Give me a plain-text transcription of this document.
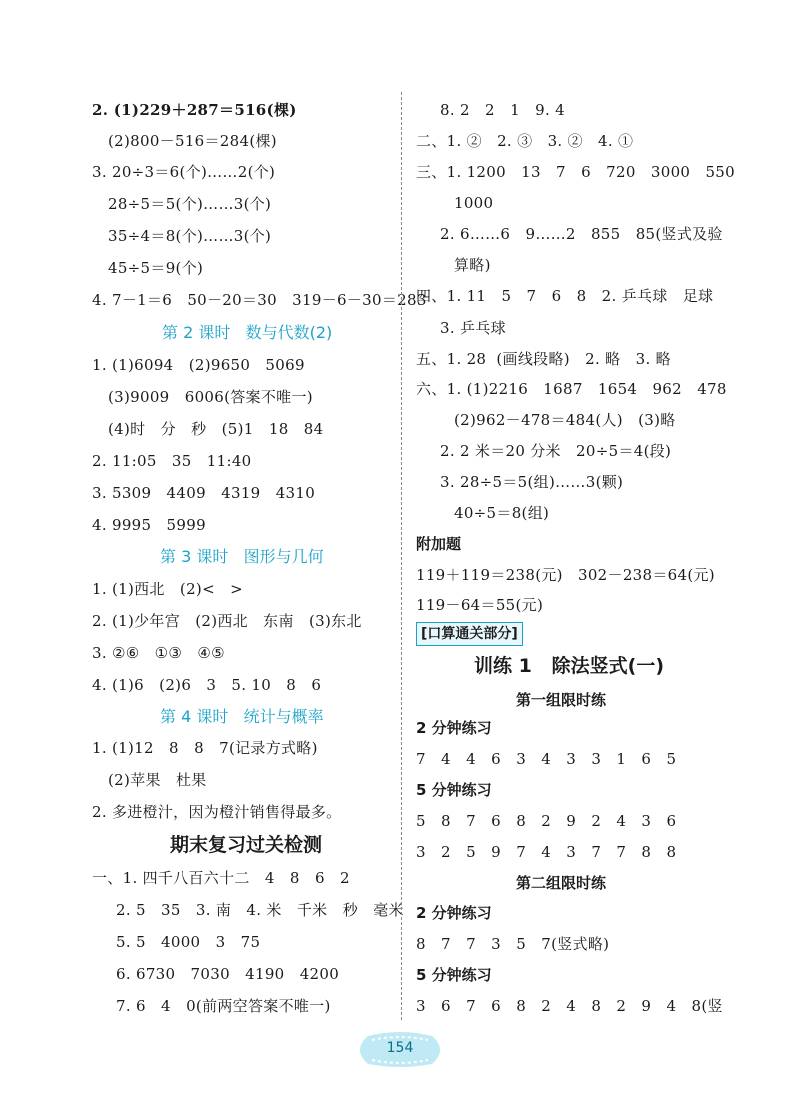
2. (1)229＋287＝516(棵)
(2)800－516＝284(棵)
3. 20÷3＝6(个)……2(个)
28÷5＝5(个)……3(个)
35÷4＝8(个)……3(个)
45÷5＝9(个)
4. 7－1＝6   50－20＝30   319－6－30＝283
第 2 课时   数与代数(2)
1. (1)6094   (2)9650   5069
(3)9009   6006(答案不唯一)
(4)时   分   秒   (5)1   18   84
2. 11:05   35   11:40
3. 5309   4409   4319   4310
4. 9995   5999
第 3 课时   图形与几何
1. (1)西北   (2)<   >
2. (1)少年宫   (2)西北   东南   (3)东北
3. ②⑥   ①③   ④⑤
4. (1)6   (2)6   3   5. 10   8   6
第 4 课时   统计与概率
1. (1)12   8   8   7(记录方式略)
(2)苹果   杜果
2. 多进橙汁，因为橙汁销售得最多。
期末复习过关检测
一、1. 四千八百六十二   4   8   6   2
2. 5   35   3. 南   4. 米   千米   秒   毫米
5. 5   4000   3   75
6. 6730   7030   4190   4200
7. 6   4   0(前两空答案不唯一)
8. 2   2   1   9. 4
二、1. ②   2. ③   3. ②   4. ①
三、1. 1200   13   7   6   720   3000   550
1000
2. 6……6   9……2   855   85(竖式及验
算略)
四、1. 11   5   7   6   8   2. 乒乓球   足球
3. 乒乓球
五、1. 28  (画线段略)   2. 略   3. 略
六、1. (1)2216   1687   1654   962   478
(2)962－478＝484(人)   (3)略
2. 2 米＝20 分米   20÷5＝4(段)
3. 28÷5＝5(组)……3(颗)
40÷5＝8(组)
附加题
119＋119＝238(元)   302－238＝64(元)
119－64＝55(元)
[口算通关部分]
训练 1   除法竖式(一)
第一组限时练
2 分钟练习
7   4   4   6   3   4   3   3   1   6   5
5 分钟练习
5   8   7   6   8   2   9   2   4   3   6
3   2   5   9   7   4   3   7   7   8   8
第二组限时练
2 分钟练习
8   7   7   3   5   7(竖式略)
5 分钟练习
3   6   7   6   8   2   4   8   2   9   4   8(竖
154
